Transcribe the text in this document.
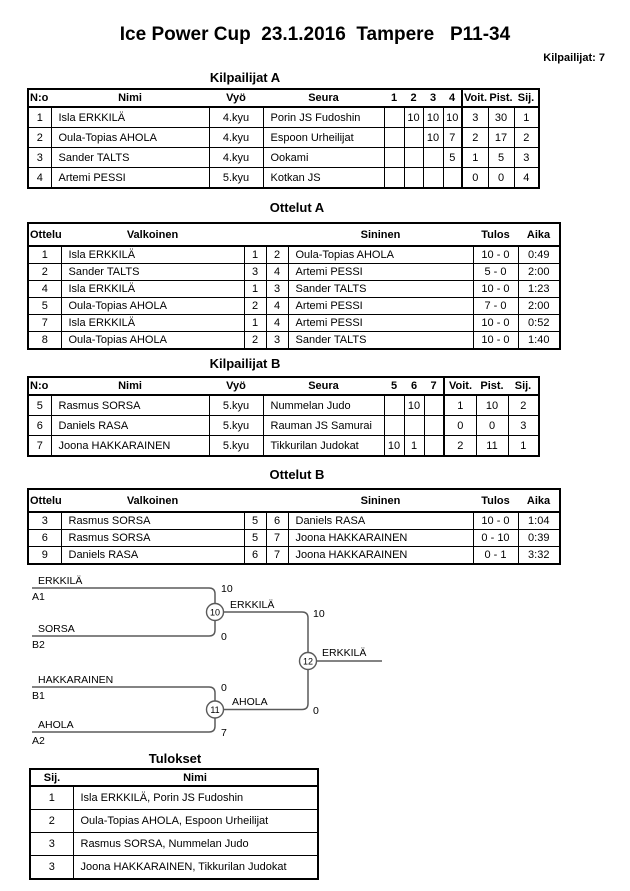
Ice Power Cup  23.1.2016  Tampere   P11-34
Kilpailijat: 7
Kilpailijat A
N:o	Nimi	Vyö	Seura	1	2	3	4	Voit.	Pist.	Sij.
1	Isla ERKKILÄ	4.kyu	Porin JS Fudoshin		10	10	10	3	30	1
2	Oula-Topias AHOLA	4.kyu	Espoon Urheilijat			10	7	2	17	2
3	Sander TALTS	4.kyu	Ookami				5	1	5	3
4	Artemi PESSI	5.kyu	Kotkan JS					0	0	4
Ottelut A
Ottelu	Valkoinen			Sininen	Tulos	Aika
1	Isla ERKKILÄ	1	2	Oula-Topias AHOLA	10 - 0	0:49
2	Sander TALTS	3	4	Artemi PESSI	5 - 0	2:00
4	Isla ERKKILÄ	1	3	Sander TALTS	10 - 0	1:23
5	Oula-Topias AHOLA	2	4	Artemi PESSI	7 - 0	2:00
7	Isla ERKKILÄ	1	4	Artemi PESSI	10 - 0	0:52
8	Oula-Topias AHOLA	2	3	Sander TALTS	10 - 0	1:40
Kilpailijat B
N:o	Nimi	Vyö	Seura	5	6	7	Voit.	Pist.	Sij.
5	Rasmus SORSA	5.kyu	Nummelan Judo		10		1	10	2
6	Daniels RASA	5.kyu	Rauman JS Samurai				0	0	3
7	Joona HAKKARAINEN	5.kyu	Tikkurilan Judokat	10	1		2	11	1
Ottelut B
Ottelu	Valkoinen			Sininen	Tulos	Aika
3	Rasmus SORSA	5	6	Daniels RASA	10 - 0	1:04
6	Rasmus SORSA	5	7	Joona HAKKARAINEN	0 - 10	0:39
9	Daniels RASA	6	7	Joona HAKKARAINEN	0 - 1	3:32
10
11
12
ERKKILÄ
A1
10
SORSA
B2
0
HAKKARAINEN
B1
0
AHOLA
A2
7
ERKKILÄ
10
AHOLA
0
ERKKILÄ
Tulokset
Sij.	Nimi
1	Isla ERKKILÄ, Porin JS Fudoshin
2	Oula-Topias AHOLA, Espoon Urheilijat
3	Rasmus SORSA, Nummelan Judo
3	Joona HAKKARAINEN, Tikkurilan Judokat
